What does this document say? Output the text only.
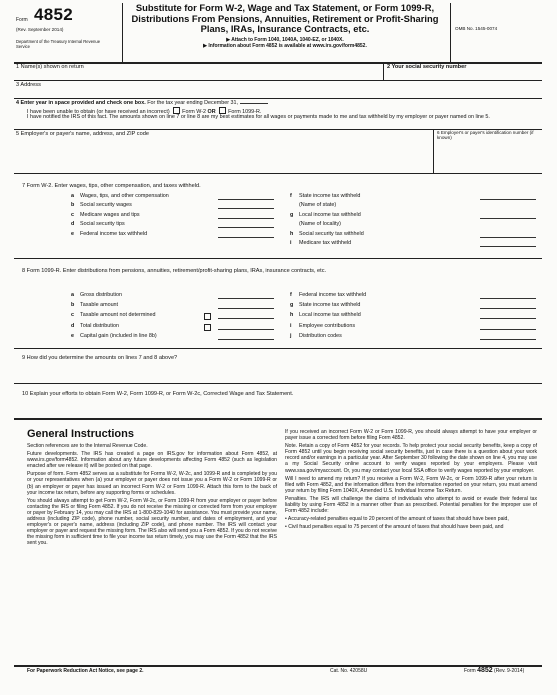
Form 4852
(Rev. September 2014)
Department of the Treasury Internal Revenue Service
Substitute for Form W-2, Wage and Tax Statement, or Form 1099-R, Distributions From Pensions, Annuities, Retirement or Profit-Sharing Plans, IRAs, Insurance Contracts, etc.
▶ Attach to Form 1040, 1040A, 1040-EZ, or 1040X.
▶ Information about Form 4852 is available at www.irs.gov/form4852.
OMB No. 1545-0074
1 Name(s) shown on return	2 Your social security number
3 Address
4 Enter year in space provided and check one box. For the tax year ending December 31,
I have been unable to obtain (or have received an incorrect) Form W-2 OR Form 1099-R.
I have notified the IRS of this fact. The amounts shown on line 7 or line 8 are my best estimates for all wages or payments made to me and tax withheld by my employer or payer named on line 5.
5 Employer's or payer's name, address, and ZIP code	6 Employer's or payer's identification number (if known)
7 Form W-2. Enter wages, tips, other compensation, and taxes withheld.
a Wages, tips, and other compensation
b Social security wages
c Medicare wages and tips
d Social security tips
e Federal income tax withheld
f State income tax withheld
(Name of state)
g Local income tax withheld
(Name of locality)
h Social security tax withheld
i Medicare tax withheld
8 Form 1099-R. Enter distributions from pensions, annuities, retirement/profit-sharing plans, IRAs, insurance contracts, etc.
a Gross distribution
b Taxable amount
c Taxable amount not determined
d Total distribution
e Capital gain (included in line 8b)
f Federal income tax withheld
g State income tax withheld
h Local income tax withheld
i Employee contributions
j Distribution codes
9 How did you determine the amounts on lines 7 and 8 above?
10 Explain your efforts to obtain Form W-2, Form 1099-R, or Form W-2c, Corrected Wage and Tax Statement.
General Instructions

Section references are to the Internal Revenue Code.

Future developments. The IRS has created a page on IRS.gov for information about Form 4852, at www.irs.gov/form4852. Information about any future developments affecting Form 4852 (such as legislation enacted after we release it) will be posted on that page.

Purpose of form. Form 4852 serves as a substitute for Forms W-2, W-2c, and 1099-R and is completed by you or your representatives when (a) your employer or payer does not issue you a Form W-2 or Form 1099-R or (b) an employer or payer has issued an incorrect Form W-2 or Form 1099-R. Attach this form to the back of your income tax return, before any supporting forms or schedules.

You should always attempt to get Form W-2, Form W-2c, or Form 1099-R from your employer or payer before contacting the IRS or filing Form 4852. If you do not receive the missing or corrected form from your employer or payer by February 14, you may call the IRS at 1-800-829-1040 for assistance. You must provide your name, address (including ZIP code), phone number, social security number, and dates of employment, and your employer's or payer's name, address (including ZIP code), and phone number. The IRS will contact your employer or payer and request the missing form. The IRS also will send you a Form 4852. If you do not receive the missing form in sufficient time to file your income tax return timely, you may use the Form 4852 that the IRS sent you.

If you received an incorrect Form W-2 or Form 1099-R, you should always attempt to have your employer or payer issue a corrected form before filing Form 4852.

Note. Retain a copy of Form 4852 for your records. To help protect your social security benefits, keep a copy of Form 4852 until you begin receiving social security benefits, just in case there is a question about your work record and/or earnings in a particular year. After September 30 following the date shown on line 4, you may use a my Social Security online account to verify wages reported by your employers. Please visit www.ssa.gov/myaccount. Or, you may contact your local SSA office to verify wages reported by your employer.

Will I need to amend my return? If you receive a Form W-2, Form W-2c, or Form 1099-R after your return is filed with Form 4852, and the information differs from the information reported on your return, you must amend your return by filing Form 1040X, Amended U.S. Individual Income Tax Return.

Penalties. The IRS will challenge the claims of individuals who attempt to avoid or evade their federal tax liability by using Form 4852 in a manner other than as prescribed. Potential penalties for the improper use of Form 4852 include:

• Accuracy-related penalties equal to 20 percent of the amount of taxes that should have been paid,

• Civil fraud penalties equal to 75 percent of the amount of taxes that should have been paid, and

For Paperwork Reduction Act Notice, see page 2.	Cat. No. 42058U	Form 4852 (Rev. 9-2014)
